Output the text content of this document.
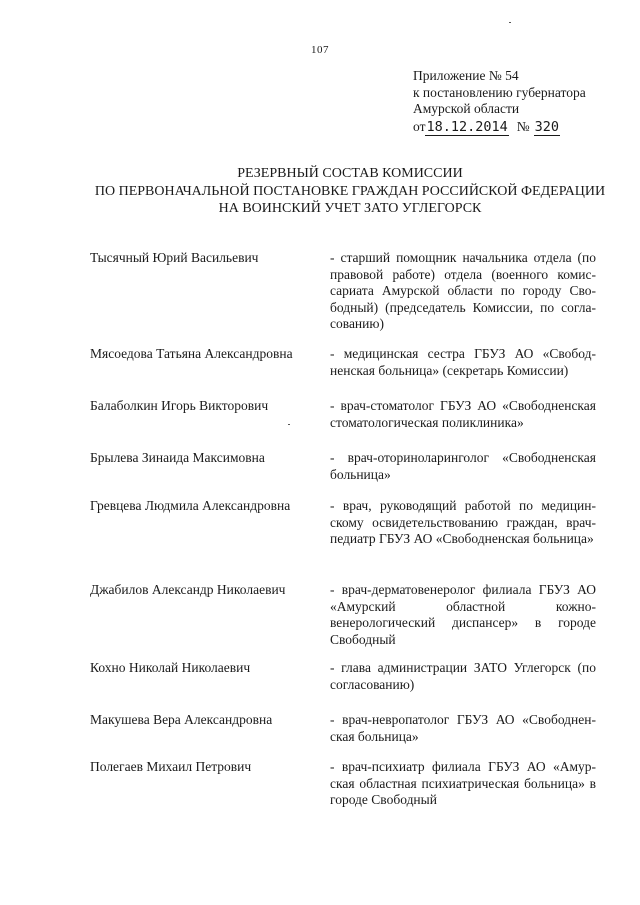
107
Приложение № 54
к постановлению губернатора
Амурской области
от18.12.2014 № 320
РЕЗЕРВНЫЙ СОСТАВ КОМИССИИ
ПО ПЕРВОНАЧАЛЬНОЙ ПОСТАНОВКЕ ГРАЖДАН РОССИЙСКОЙ ФЕДЕРАЦИИ
НА ВОИНСКИЙ УЧЕТ ЗАТО УГЛЕГОРСК
Тысячный Юрий Васильевич	- старший помощник начальника отдела (по правовой работе) отдела (военного комиссариата Амурской области по городу Свободный) (председатель Комиссии, по согласованию)
Мясоедова Татьяна Александровна	- медицинская сестра ГБУЗ АО «Свободненская больница» (секретарь Комиссии)
Балаболкин Игорь Викторович	- врач-стоматолог ГБУЗ АО «Свободненская стоматологическая поликлиника»
Брылева Зинаида Максимовна	- врач-оториноларинголог «Свободненская больница»
Гревцева Людмила Александровна	- врач, руководящий работой по медицинскому освидетельствованию граждан, врач-педиатр ГБУЗ АО «Свободненская больница»
Джабилов Александр Николаевич	- врач-дерматовенеролог филиала ГБУЗ АО «Амурский областной кожно-венерологический диспансер» в городе Свободный
Кохно Николай Николаевич	- глава администрации ЗАТО Углегорск (по согласованию)
Макушева Вера Александровна	- врач-невропатолог ГБУЗ АО «Свободненская больница»
Полегаев Михаил Петрович	- врач-психиатр филиала ГБУЗ АО «Амурская областная психиатрическая больница» в городе Свободный
